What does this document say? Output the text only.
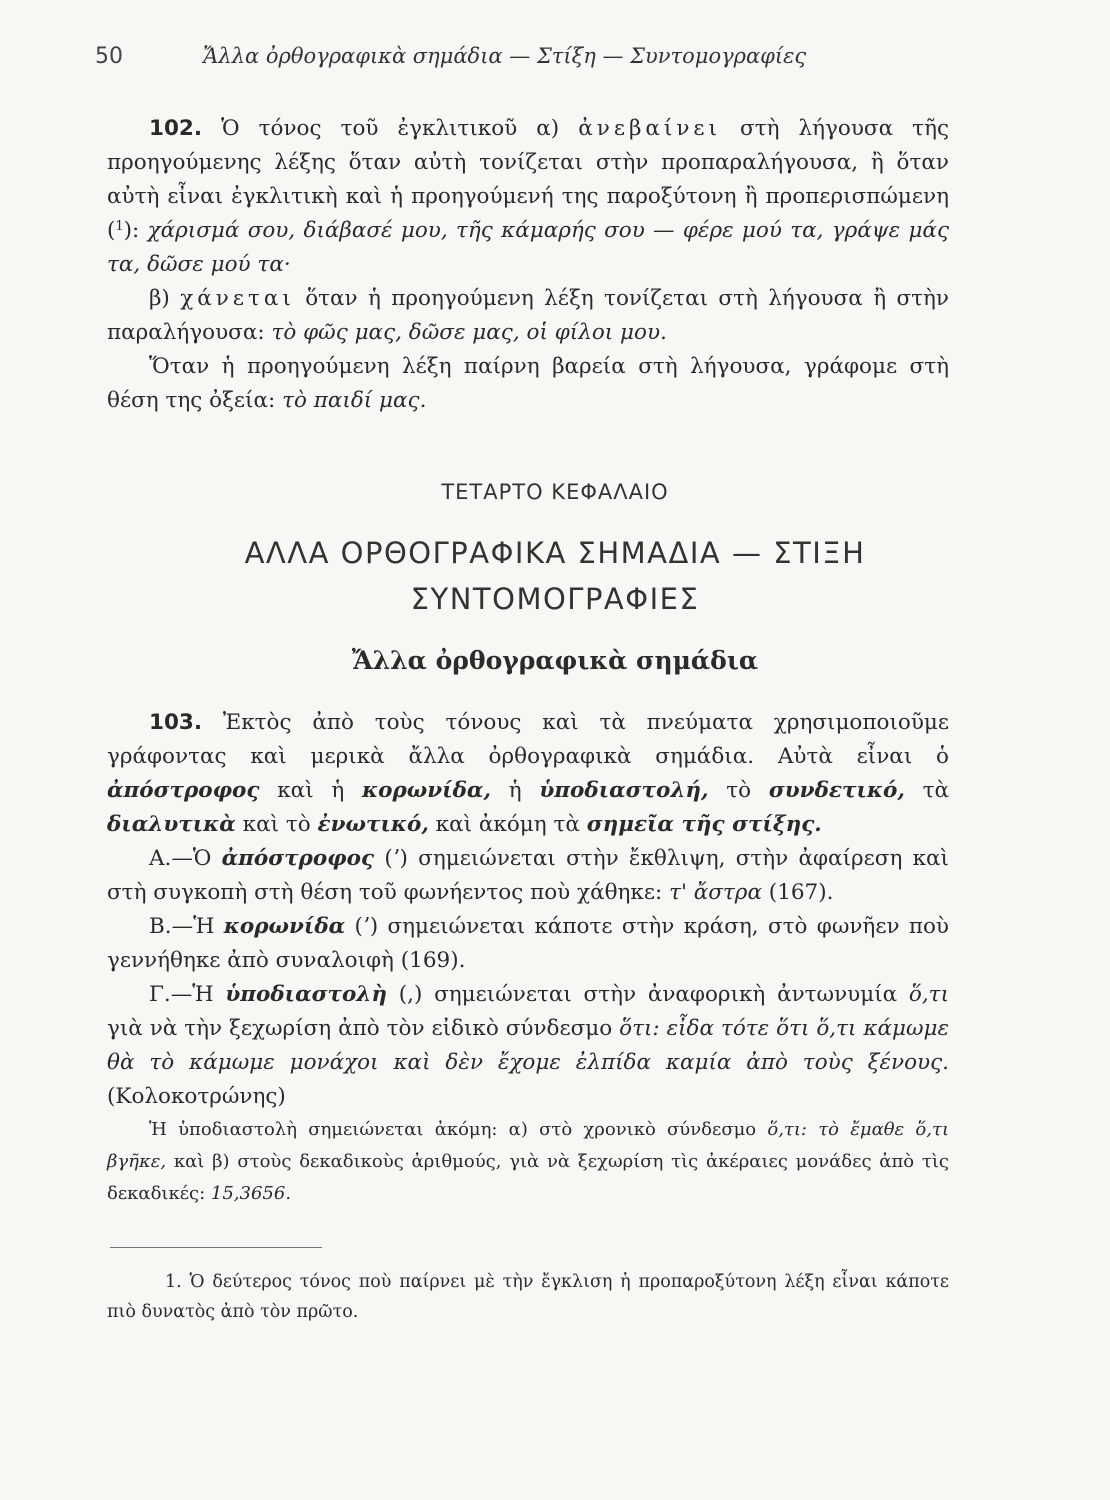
50	Ἄλλα ὀρθογραφικὰ σημάδια — Στίξη — Συντομογραφίες

102. Ὁ τόνος τοῦ ἐγκλιτικοῦ α) ἀνεβαίνει στὴ λήγουσα τῆς προηγούμενης λέξης ὅταν αὐτὴ τονίζεται στὴν προπαραλήγουσα, ἢ ὅταν αὐτὴ εἶναι ἐγκλιτικὴ καὶ ἡ προηγούμενή της παροξύτονη ἢ προπερισπώμενη ($^1$): χάρισμά σου, διάβασέ μου, τῆς κάμαρής σου — φέρε μού τα, γράψε μάς τα, δῶσε μού τα·

β) χάνεται ὅταν ἡ προηγούμενη λέξη τονίζεται στὴ λήγουσα ἢ στὴν παραλήγουσα: τὸ φῶς μας, δῶσε μας, οἱ φίλοι μου.

Ὅταν ἡ προηγούμενη λέξη παίρνη βαρεία στὴ λήγουσα, γράφομε στὴ θέση της ὀξεία: τὸ παιδί μας.

ΤΕΤΑΡΤΟ ΚΕΦΑΛΑΙΟ
ΑΛΛΑ ΟΡΘΟΓΡΑΦΙΚΑ ΣΗΜΑΔΙΑ — ΣΤΙΞΗ
ΣΥΝΤΟΜΟΓΡΑΦΙΕΣ
Ἄλλα ὀρθογραφικὰ σημάδια

103. Ἐκτὸς ἀπὸ τοὺς τόνους καὶ τὰ πνεύματα χρησιμοποιοῦμε γράφοντας καὶ μερικὰ ἄλλα ὀρθογραφικὰ σημάδια. Αὐτὰ εἶναι ὁ ἀπόστροφος καὶ ἡ κορωνίδα, ἡ ὑποδιαστολή, τὸ συνδετικό, τὰ διαλυτικὰ καὶ τὸ ἐνωτικό, καὶ ἀκόμη τὰ σημεῖα τῆς στίξης.

Α.—Ὁ ἀπόστροφος (ʼ) σημειώνεται στὴν ἔκθλιψη, στὴν ἀφαίρεση καὶ στὴ συγκοπὴ στὴ θέση τοῦ φωνήεντος ποὺ χάθηκε: τ' ἄστρα (167).

Β.—Ἡ κορωνίδα (ʼ) σημειώνεται κάποτε στὴν κράση, στὸ φωνῆεν ποὺ γεννήθηκε ἀπὸ συναλοιφὴ (169).

Γ.—Ἡ ὑποδιαστολὴ (,) σημειώνεται στὴν ἀναφορικὴ ἀντωνυμία ὅ,τι γιὰ νὰ τὴν ξεχωρίση ἀπὸ τὸν εἰδικὸ σύνδεσμο ὅτι: εἶδα τότε ὅτι ὅ,τι κάμωμε θὰ τὸ κάμωμε μονάχοι καὶ δὲν ἔχομε ἐλπίδα καμία ἀπὸ τοὺς ξένους. (Κολοκοτρώνης)

Ἡ ὑποδιαστολὴ σημειώνεται ἀκόμη: α) στὸ χρονικὸ σύνδεσμο ὅ,τι: τὸ ἔμαθε ὅ,τι βγῆκε, καὶ β) στοὺς δεκαδικοὺς ἀριθμούς, γιὰ νὰ ξεχωρίση τὶς ἀκέραιες μονάδες ἀπὸ τὶς δεκαδικές: 15,3656.

1. Ὁ δεύτερος τόνος ποὺ παίρνει μὲ τὴν ἔγκλιση ἡ προπαροξύτονη λέξη εἶναι κάποτε πιὸ δυνατὸς ἀπὸ τὸν πρῶτο.
